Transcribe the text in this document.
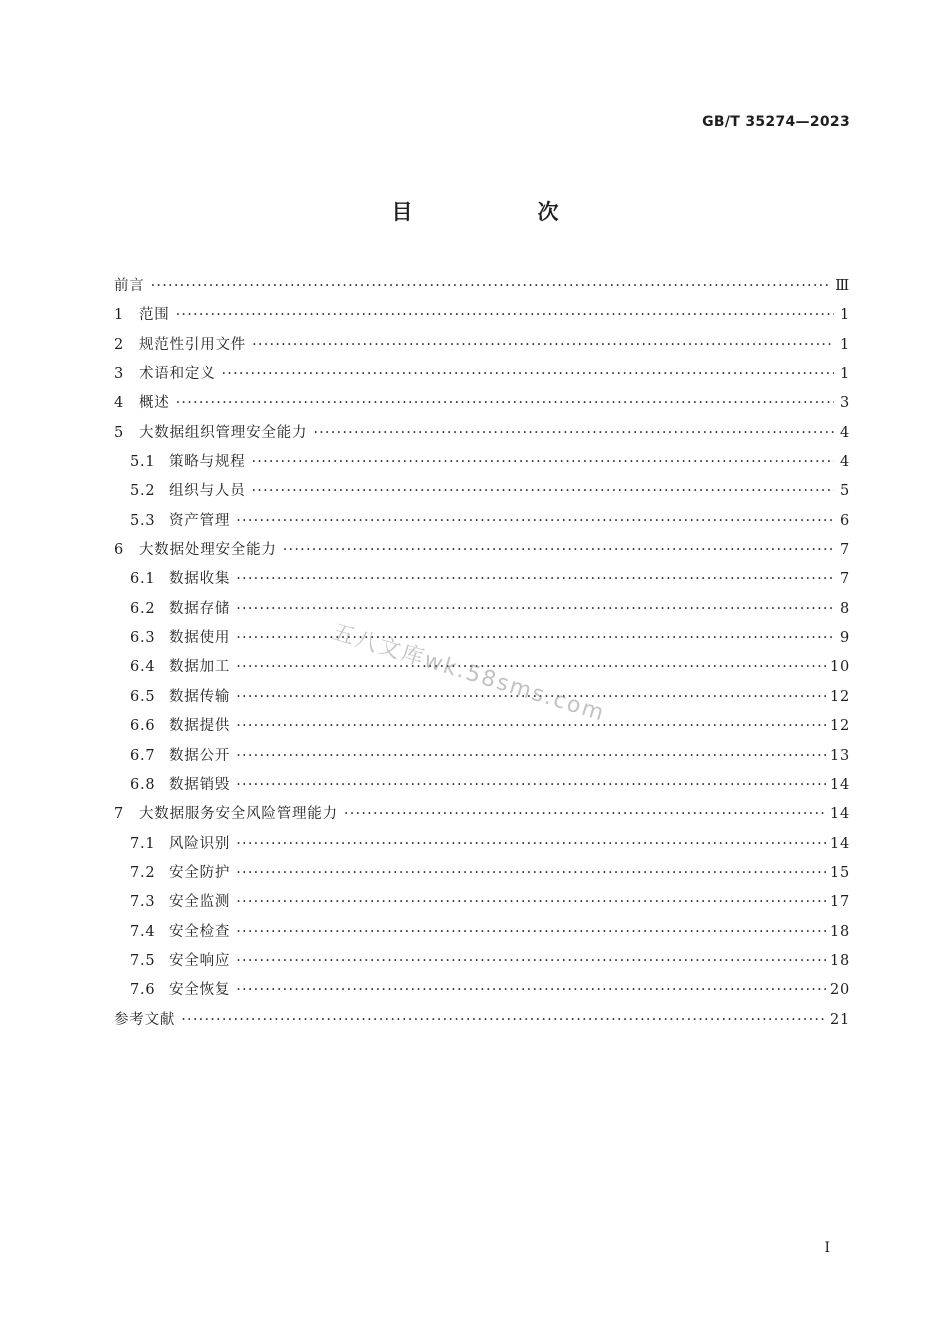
GB/T 35274—2023
目　次
前言 ·····	Ⅲ
1	范围 ·····	1
2	规范性引用文件 ·····	1
3	术语和定义 ·····	1
4	概述 ·····	3
5	大数据组织管理安全能力 ·····	4
5.1 策略与规程 ·····	4
5.2 组织与人员 ·····	5
5.3 资产管理 ·····	6
6	大数据处理安全能力 ·····	7
6.1 数据收集 ·····	7
6.2 数据存储 ·····	8
6.3 数据使用 ·····	9
6.4 数据加工 ·····	10
6.5 数据传输 ·····	12
6.6 数据提供 ·····	12
6.7 数据公开 ·····	13
6.8 数据销毁 ·····	14
7	大数据服务安全风险管理能力 ·····	14
7.1 风险识别 ·····	14
7.2 安全防护 ·····	15
7.3 安全监测 ·····	17
7.4 安全检查 ·····	18
7.5 安全响应 ·····	18
7.6 安全恢复 ·····	20
参考文献 ·····	21
五八文库wk.58sms.com
I
